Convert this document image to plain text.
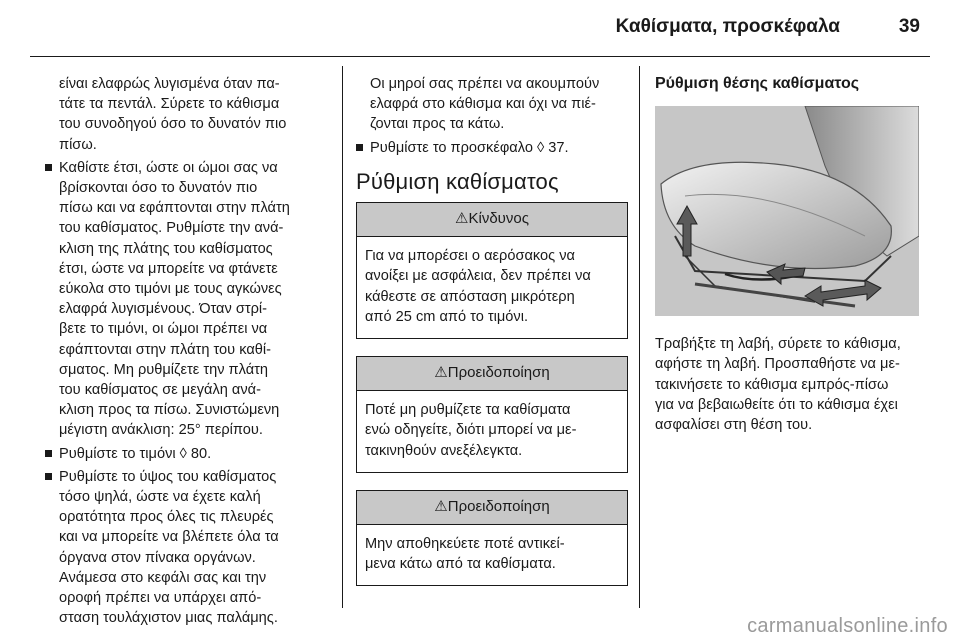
Καθίσματα, προσκέφαλα	39
είναι ελαφρώς λυγισμένα όταν πα-
τάτε τα πεντάλ. Σύρετε το κάθισμα
του συνοδηγού όσο το δυνατόν πιο
πίσω.
Καθίστε έτσι, ώστε οι ώμοι σας να
βρίσκονται όσο το δυνατόν πιο
πίσω και να εφάπτονται στην πλάτη
του καθίσματος. Ρυθμίστε την ανά-
κλιση της πλάτης του καθίσματος
έτσι, ώστε να μπορείτε να φτάνετε
εύκολα στο τιμόνι με τους αγκώνες
ελαφρά λυγισμένους. Όταν στρί-
βετε το τιμόνι, οι ώμοι πρέπει να
εφάπτονται στην πλάτη του καθί-
σματος. Μη ρυθμίζετε την πλάτη
του καθίσματος σε μεγάλη ανά-
κλιση προς τα πίσω. Συνιστώμενη
μέγιστη ανάκλιση: 25° περίπου.
Ρυθμίστε το τιμόνι ◊ 80.
Ρυθμίστε το ύψος του καθίσματος
τόσο ψηλά, ώστε να έχετε καλή
ορατότητα προς όλες τις πλευρές
και να μπορείτε να βλέπετε όλα τα
όργανα στον πίνακα οργάνων.
Ανάμεσα στο κεφάλι σας και την
οροφή πρέπει να υπάρχει από-
σταση τουλάχιστον μιας παλάμης.
Οι μηροί σας πρέπει να ακουμπούν
ελαφρά στο κάθισμα και όχι να πιέ-
ζονται προς τα κάτω.
Ρυθμίστε το προσκέφαλο ◊ 37.
Ρύθμιση καθίσματος
⚠Κίνδυνος
Για να μπορέσει ο αερόσακος να
ανοίξει με ασφάλεια, δεν πρέπει να
κάθεστε σε απόσταση μικρότερη
από 25 cm από το τιμόνι.
⚠Προειδοποίηση
Ποτέ μη ρυθμίζετε τα καθίσματα
ενώ οδηγείτε, διότι μπορεί να με-
τακινηθούν ανεξέλεγκτα.
⚠Προειδοποίηση
Μην αποθηκεύετε ποτέ αντικεί-
μενα κάτω από τα καθίσματα.
Ρύθμιση θέσης καθίσματος
Τραβήξτε τη λαβή, σύρετε το κάθισμα,
αφήστε τη λαβή. Προσπαθήστε να με-
τακινήσετε το κάθισμα εμπρός-πίσω
για να βεβαιωθείτε ότι το κάθισμα έχει
ασφαλίσει στη θέση του.
carmanualsonline.info
